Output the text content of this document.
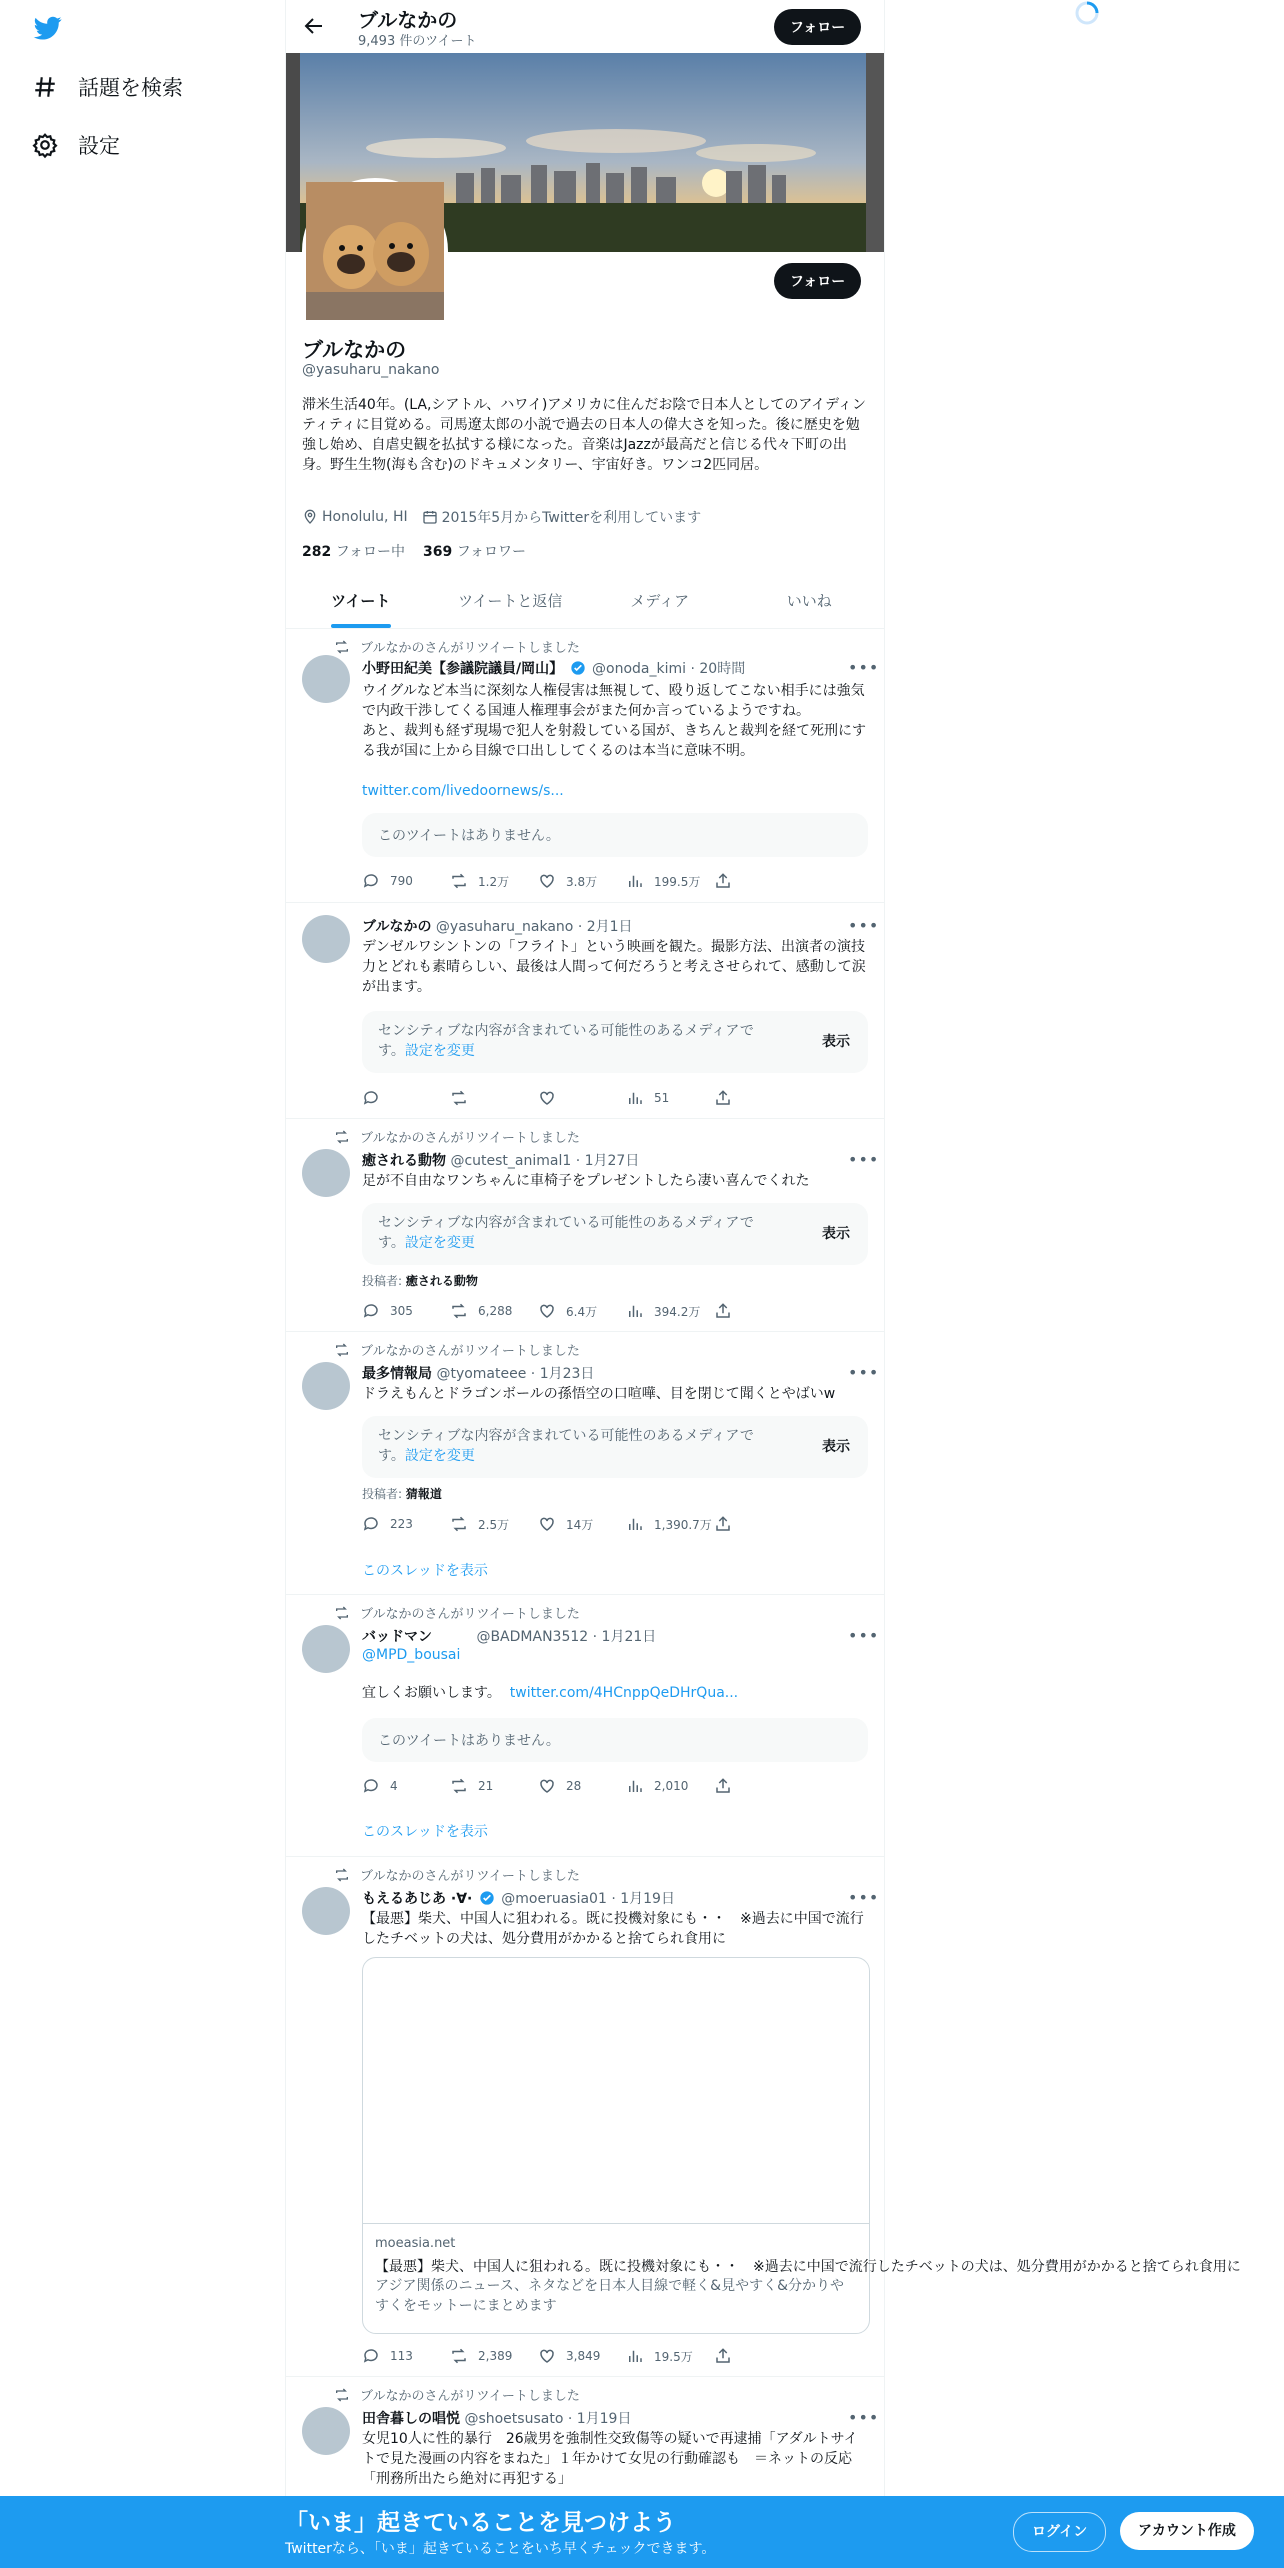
話題を検索
設定
ブルなかの
9,493 件のツイート
フォロー
フォロー
ブルなかの
@yasuharu_nakano
滞米生活40年。(LA,シアトル、ハワイ)アメリカに住んだお陰で日本人としてのアイディンティティに目覚める。司馬遼太郎の小説で過去の日本人の偉大さを知った。後に歴史を勉強し始め、自虐史観を払拭する様になった。音楽はJazzが最高だと信じる代々下町の出身。野生生物(海も含む)のドキュメンタリー、宇宙好き。ワンコ2匹同居。
Honolulu, HI 2015年5月からTwitterを利用しています
282 フォロー中 369 フォロワー
ツイート	ツイートと返信	メディア	いいね
ブルなかのさんがリツイートしました
小野田紀美【参議院議員/岡山】 @onoda_kimi · 20時間	•••
ウイグルなど本当に深刻な人権侵害は無視して、殴り返してこない相手には強気で内政干渉してくる国連人権理事会がまた何か言っているようですね。
あと、裁判も経ず現場で犯人を射殺している国が、きちんと裁判を経て死刑にする我が国に上から目線で口出ししてくるのは本当に意味不明。
twitter.com/livedoornews/s...
このツイートはありません。
790	1.2万	3.8万	199.5万
ブルなかの @yasuharu_nakano · 2月1日	•••
デンゼルワシントンの「フライト」という映画を観た。撮影方法、出演者の演技力とどれも素晴らしい、最後は人間って何だろうと考えさせられて、感動して涙が出ます。
センシティブな内容が含まれている可能性のあるメディアです。設定を変更
表示
51
ブルなかのさんがリツイートしました
癒される動物 @cutest_animal1 · 1月27日	•••
足が不自由なワンちゃんに車椅子をプレゼントしたら凄い喜んでくれた
センシティブな内容が含まれている可能性のあるメディアです。設定を変更
表示
投稿者: 癒される動物
305	6,288	6.4万	394.2万
ブルなかのさんがリツイートしました
最多情報局 @tyomateee · 1月23日	•••
ドラえもんとドラゴンボールの孫悟空の口喧嘩、目を閉じて聞くとやばいw
センシティブな内容が含まれている可能性のあるメディアです。設定を変更
表示
投稿者: 猜報道
223	2.5万	14万	1,390.7万
このスレッドを表示
ブルなかのさんがリツイートしました
バッドマン	@BADMAN3512 · 1月21日	•••
@MPD_bousai
宜しくお願いします。 twitter.com/4HCnppQeDHrQua...
このツイートはありません。
4	21	28	2,010
このスレッドを表示
ブルなかのさんがリツイートしました
もえるあじあ ·∀· @moeruasia01 · 1月19日	•••
【最悪】柴犬、中国人に狙われる。既に投機対象にも・・　※過去に中国で流行したチベットの犬は、処分費用がかかると捨てられ食用に
moeasia.net
【最悪】柴犬、中国人に狙われる。既に投機対象にも・・　※過去に中国で流行したチベットの犬は、処分費用がかかると捨てられ食用に
アジア関係のニュース、ネタなどを日本人目線で軽く&見やすく&分かりやすくをモットーにまとめます
113	2,389	3,849	19.5万
ブルなかのさんがリツイートしました
田舎暮しの唱悦 @shoetsusato · 1月19日	•••
女児10人に性的暴行　26歳男を強制性交致傷等の疑いで再逮捕「アダルトサイトで見た漫画の内容をまねた」１年かけて女児の行動確認も　＝ネットの反応「刑務所出たら絶対に再犯する」
「いま」起きていることを見つけよう
Twitterなら、「いま」起きていることをいち早くチェックできます。
ログイン	アカウント作成
